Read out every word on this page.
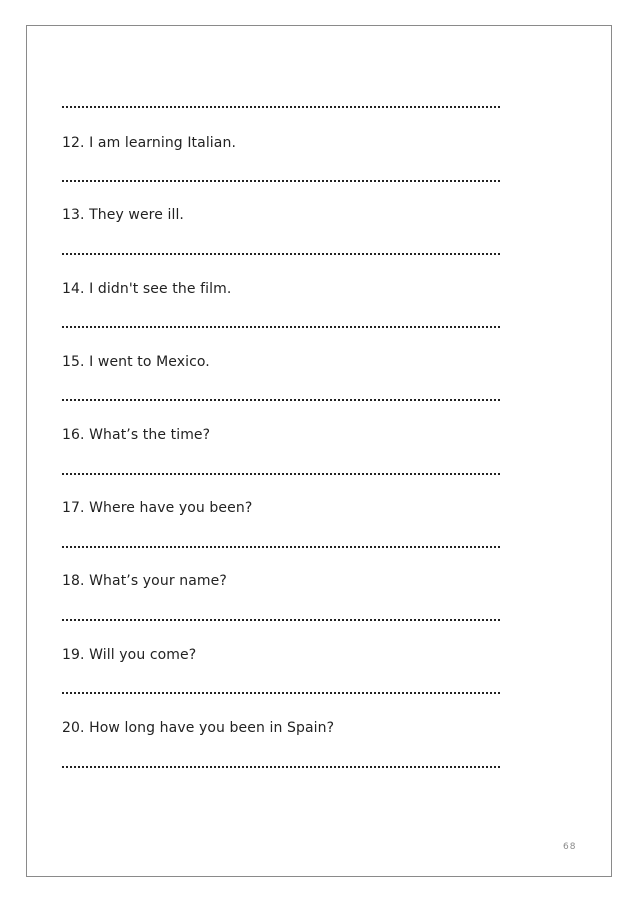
12. I am learning Italian.
13. They were ill.
14. I didn't see the film.
15. I went to Mexico.
16. What’s the time?
17. Where have you been?
18. What’s your name?
19. Will you come?
20. How long have you been in Spain?
68
